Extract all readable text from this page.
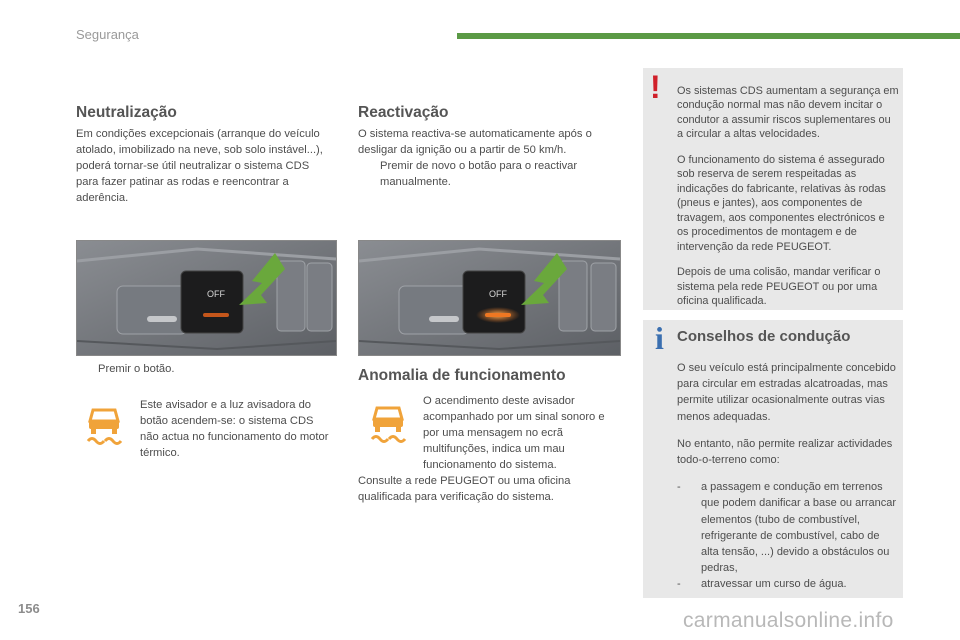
Segurança
Neutralização
Em condições excepcionais (arranque do veículo atolado, imobilizado na neve, sob solo instável...), poderá tornar-se útil neutralizar o sistema CDS para fazer patinar as rodas e reencontrar a aderência.
OFF
Premir o botão.
Este avisador e a luz avisadora do botão acendem-se: o sistema CDS não actua no funcionamento do motor térmico.
Reactivação
O sistema reactiva-se automaticamente após o desligar da ignição ou a partir de 50 km/h.
Premir de novo o botão para o reactivar manualmente.
OFF
Anomalia de funcionamento
O acendimento deste avisador acompanhado por um sinal sonoro e por uma mensagem no ecrã multifunções, indica um mau funcionamento do sistema.
Consulte a rede PEUGEOT ou uma oficina qualificada para verificação do sistema.
! Os sistemas CDS aumentam a segurança em condução normal mas não devem incitar o condutor a assumir riscos suplementares ou a circular a altas velocidades.

O funcionamento do sistema é assegurado sob reserva de serem respeitadas as indicações do fabricante, relativas às rodas (pneus e jantes), aos componentes de travagem, aos componentes electrónicos e os procedimentos de montagem e de intervenção da rede PEUGEOT.

Depois de uma colisão, mandar verificar o sistema pela rede PEUGEOT ou por uma oficina qualificada.

i Conselhos de condução

O seu veículo está principalmente concebido para circular em estradas alcatroadas, mas permite utilizar ocasionalmente outras vias menos adequadas.

No entanto, não permite realizar actividades todo-o-terreno como:

-	a passagem e condução em terrenos que podem danificar a base ou arrancar elementos (tubo de combustível, refrigerante de combustível, cabo de alta tensão, ...) devido a obstáculos ou pedras,
-	atravessar um curso de água.
156
carmanualsonline.info
